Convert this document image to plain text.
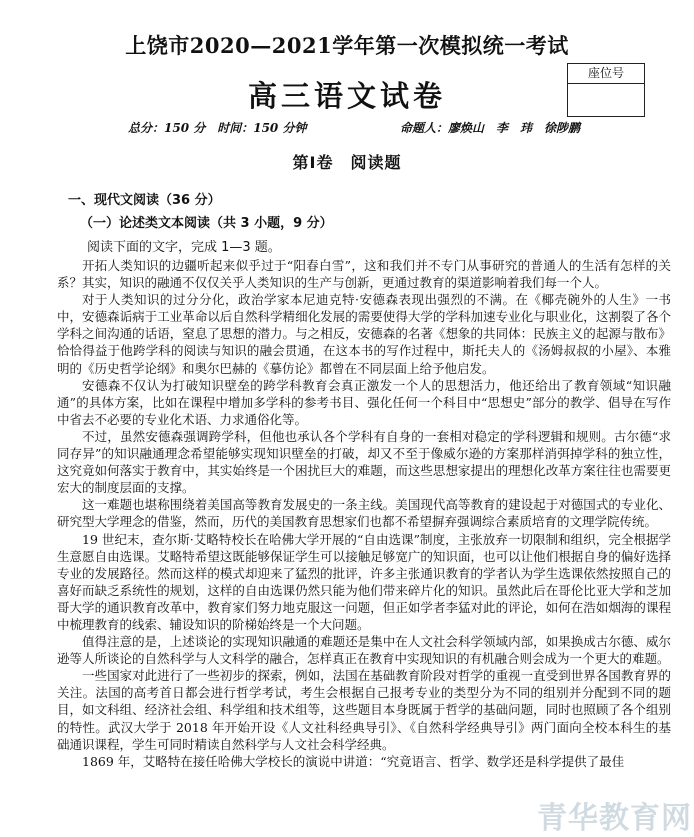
上饶市2020—2021学年第一次模拟统一考试
高三语文试卷
座位号
总分：150 分　时间：150 分钟	命题人：廖焕山　李　玮　徐陟鹏
第Ⅰ卷　阅读题
一、现代文阅读（36 分）
（一）论述类文本阅读（共 3 小题，9 分）
阅读下面的文字，完成 1—3 题。

开拓人类知识的边疆听起来似乎过于“阳春白雪”，这和我们并不专门从事研究的普通人的生活有怎样的关系？其实，知识的融通不仅仅关乎人类知识的生产与创新，更通过教育的渠道影响着我们每一个人。

对于人类知识的过分分化，政治学家本尼迪克特·安德森表现出强烈的不满。在《椰壳碗外的人生》一书中，安德森诟病于工业革命以后自然科学精细化发展的需要使得大学的学科加速专业化与职业化，这割裂了各个学科之间沟通的话语，窒息了思想的潜力。与之相反，安德森的名著《想象的共同体：民族主义的起源与散布》恰恰得益于他跨学科的阅读与知识的融会贯通，在这本书的写作过程中，斯托夫人的《汤姆叔叔的小屋》、本雅明的《历史哲学论纲》和奥尔巴赫的《摹仿论》都曾在不同层面上给予他启发。

安德森不仅认为打破知识壁垒的跨学科教育会真正激发一个人的思想活力，他还给出了教育领域“知识融通”的具体方案，比如在课程中增加多学科的参考书目、强化任何一个科目中“思想史”部分的教学、倡导在写作中省去不必要的专业化术语、力求通俗化等。

不过，虽然安德森强调跨学科，但他也承认各个学科有自身的一套相对稳定的学科逻辑和规则。古尔德“求同存异”的知识融通理念希望能够实现知识壁垒的打破，却又不至于像威尔逊的方案那样消弭掉学科的独立性，这究竟如何落实于教育中，其实始终是一个困扰巨大的难题，而这些思想家提出的理想化改革方案往往也需要更宏大的制度层面的支撑。

这一难题也堪称围绕着美国高等教育发展史的一条主线。美国现代高等教育的建设起于对德国式的专业化、研究型大学理念的借鉴，然而，历代的美国教育思想家们也都不希望摒弃强调综合素质培育的文理学院传统。

19 世纪末，查尔斯·艾略特校长在哈佛大学开展的“自由选课”制度，主张放弃一切限制和组织，完全根据学生意愿自由选课。艾略特希望这既能够保证学生可以接触足够宽广的知识面，也可以让他们根据自身的偏好选择专业的发展路径。然而这样的模式却迎来了猛烈的批评，许多主张通识教育的学者认为学生选课依然按照自己的喜好而缺乏系统性的规划，这样的自由选课仍然只能为他们带来碎片化的知识。虽然此后在哥伦比亚大学和芝加哥大学的通识教育改革中，教育家们努力地克服这一问题，但正如学者李猛对此的评论，如何在浩如烟海的课程中梳理教育的线索、辅设知识的阶梯始终是一个大问题。

值得注意的是，上述谈论的实现知识融通的难题还是集中在人文社会科学领域内部，如果换成古尔德、威尔逊等人所谈论的自然科学与人文科学的融合，怎样真正在教育中实现知识的有机融合则会成为一个更大的难题。

一些国家对此进行了一些初步的探索，例如，法国在基础教育阶段对哲学的重视一直受到世界各国教育界的关注。法国的高考首日都会进行哲学考试，考生会根据自己报考专业的类型分为不同的组别并分配到不同的题目，如文科组、经济社会组、科学组和技术组等，这些题目本身既属于哲学的基础问题，同时也照顾了各个组别的特性。武汉大学于 2018 年开始开设《人文社科经典导引》、《自然科学经典导引》两门面向全校本科生的基础通识课程，学生可同时精读自然科学与人文社会科学经典。

1869 年，艾略特在接任哈佛大学校长的演说中讲道：“究竟语言、哲学、数学还是科学提供了最佳

青华教育网
